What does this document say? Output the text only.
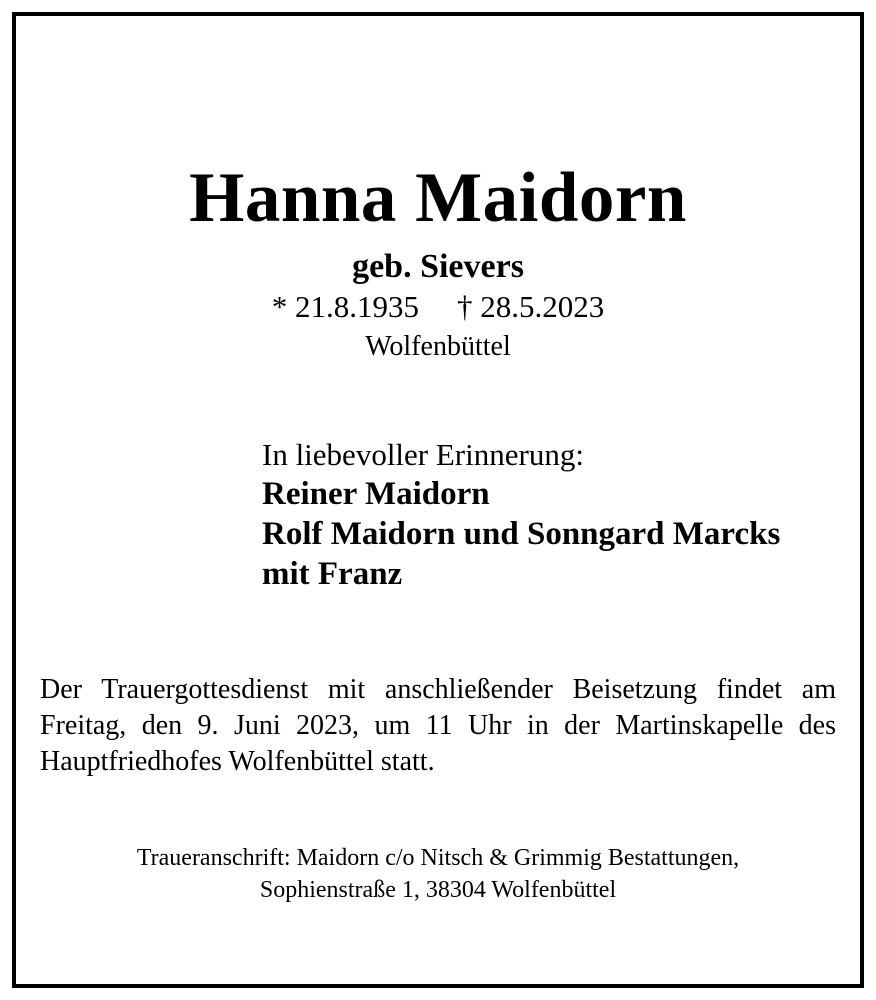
Hanna Maidorn
geb. Sievers
* 21.8.1935 † 28.5.2023
Wolfenbüttel
In liebevoller Erinnerung:
Reiner Maidorn
Rolf Maidorn und Sonngard Marcks
mit Franz

Der Trauergottesdienst mit anschließender Beisetzung findet am
Freitag, den 9. Juni 2023, um 11 Uhr in der Martinskapelle des
Hauptfriedhofes Wolfenbüttel statt.

Traueranschrift: Maidorn c/o Nitsch & Grimmig Bestattungen,
Sophienstraße 1, 38304 Wolfenbüttel
